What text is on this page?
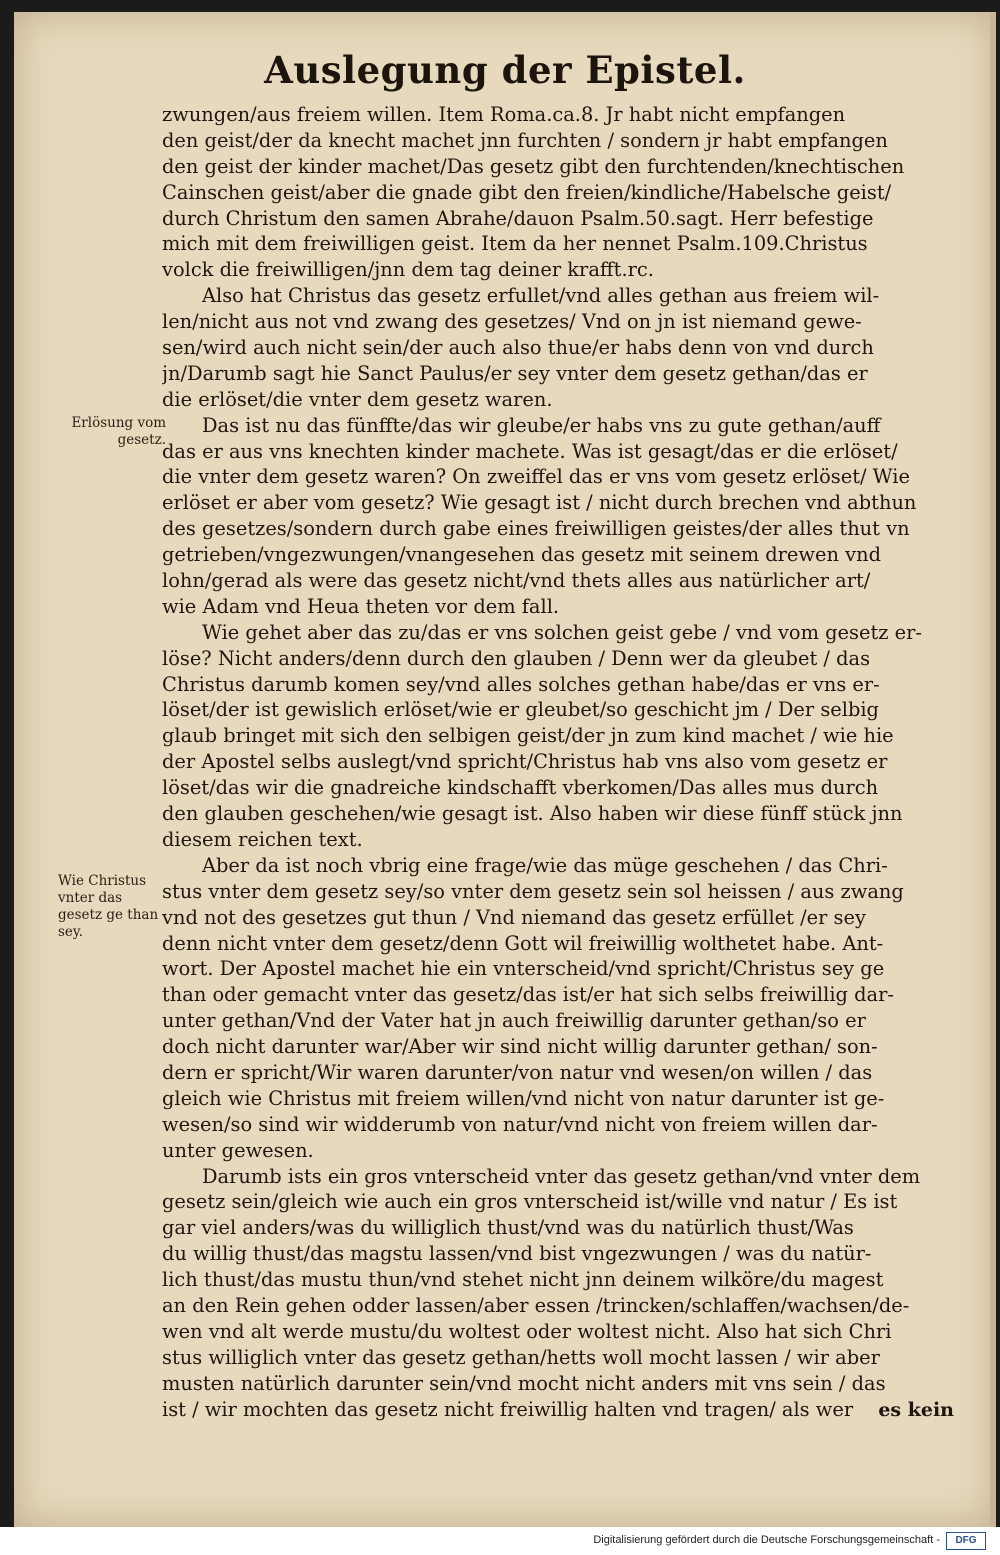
Auslegung der Epistel.
zwungen/aus freiem willen. Item Roma.ca.8. Jr habt nicht empfangen
den geist/der da knecht machet jnn furchten / sondern jr habt empfangen
den geist der kinder machet/Das gesetz gibt den furchtenden/knechtischen
Cainschen geist/aber die gnade gibt den freien/kindliche/Habelsche geist/
durch Christum den samen Abrahe/dauon Psalm.50.sagt. Herr befestige
mich mit dem freiwilligen geist. Item da her nennet Psalm.109.Christus
volck die freiwilligen/jnn dem tag deiner krafft.rc.
Also hat Christus das gesetz erfullet/vnd alles gethan aus freiem wil-
len/nicht aus not vnd zwang des gesetzes/ Vnd on jn ist niemand gewe-
sen/wird auch nicht sein/der auch also thue/er habs denn von vnd durch
jn/Darumb sagt hie Sanct Paulus/er sey vnter dem gesetz gethan/das er
die erlöset/die vnter dem gesetz waren.
Das ist nu das fünffte/das wir gleube/er habs vns zu gute gethan/auff
das er aus vns knechten kinder machete. Was ist gesagt/das er die erlöset/
die vnter dem gesetz waren? On zweiffel das er vns vom gesetz erlöset/ Wie
erlöset er aber vom gesetz? Wie gesagt ist / nicht durch brechen vnd abthun
des gesetzes/sondern durch gabe eines freiwilligen geistes/der alles thut vn
getrieben/vngezwungen/vnangesehen das gesetz mit seinem drewen vnd
lohn/gerad als were das gesetz nicht/vnd thets alles aus natürlicher art/
wie Adam vnd Heua theten vor dem fall.
Wie gehet aber das zu/das er vns solchen geist gebe / vnd vom gesetz er-
löse? Nicht anders/denn durch den glauben / Denn wer da gleubet / das
Christus darumb komen sey/vnd alles solches gethan habe/das er vns er-
löset/der ist gewislich erlöset/wie er gleubet/so geschicht jm / Der selbig
glaub bringet mit sich den selbigen geist/der jn zum kind machet / wie hie
der Apostel selbs auslegt/vnd spricht/Christus hab vns also vom gesetz er
löset/das wir die gnadreiche kindschafft vberkomen/Das alles mus durch
den glauben geschehen/wie gesagt ist. Also haben wir diese fünff stück jnn
diesem reichen text.
Aber da ist noch vbrig eine frage/wie das müge geschehen / das Chri-
stus vnter dem gesetz sey/so vnter dem gesetz sein sol heissen / aus zwang
vnd not des gesetzes gut thun / Vnd niemand das gesetz erfüllet /er sey
denn nicht vnter dem gesetz/denn Gott wil freiwillig wolthetet habe. Ant-
wort. Der Apostel machet hie ein vnterscheid/vnd spricht/Christus sey ge
than oder gemacht vnter das gesetz/das ist/er hat sich selbs freiwillig dar-
unter gethan/Vnd der Vater hat jn auch freiwillig darunter gethan/so er
doch nicht darunter war/Aber wir sind nicht willig darunter gethan/ son-
dern er spricht/Wir waren darunter/von natur vnd wesen/on willen / das
gleich wie Christus mit freiem willen/vnd nicht von natur darunter ist ge-
wesen/so sind wir widderumb von natur/vnd nicht von freiem willen dar-
unter gewesen.
Darumb ists ein gros vnterscheid vnter das gesetz gethan/vnd vnter dem
gesetz sein/gleich wie auch ein gros vnterscheid ist/wille vnd natur / Es ist
gar viel anders/was du williglich thust/vnd was du natürlich thust/Was
du willig thust/das magstu lassen/vnd bist vngezwungen / was du natür-
lich thust/das mustu thun/vnd stehet nicht jnn deinem wilköre/du magest
an den Rein gehen odder lassen/aber essen /trincken/schlaffen/wachsen/de-
wen vnd alt werde mustu/du woltest oder woltest nicht. Also hat sich Chri
stus williglich vnter das gesetz gethan/hetts woll mocht lassen / wir aber
musten natürlich darunter sein/vnd mocht nicht anders mit vns sein / das
ist / wir mochten das gesetz nicht freiwillig halten vnd tragen/ als wer	es kein
Erlösung vom gesetz.
Wie Christus vnter das gesetz ge than sey.
Digitalisierung gefördert durch die Deutsche Forschungsgemeinschaft -	DFG
